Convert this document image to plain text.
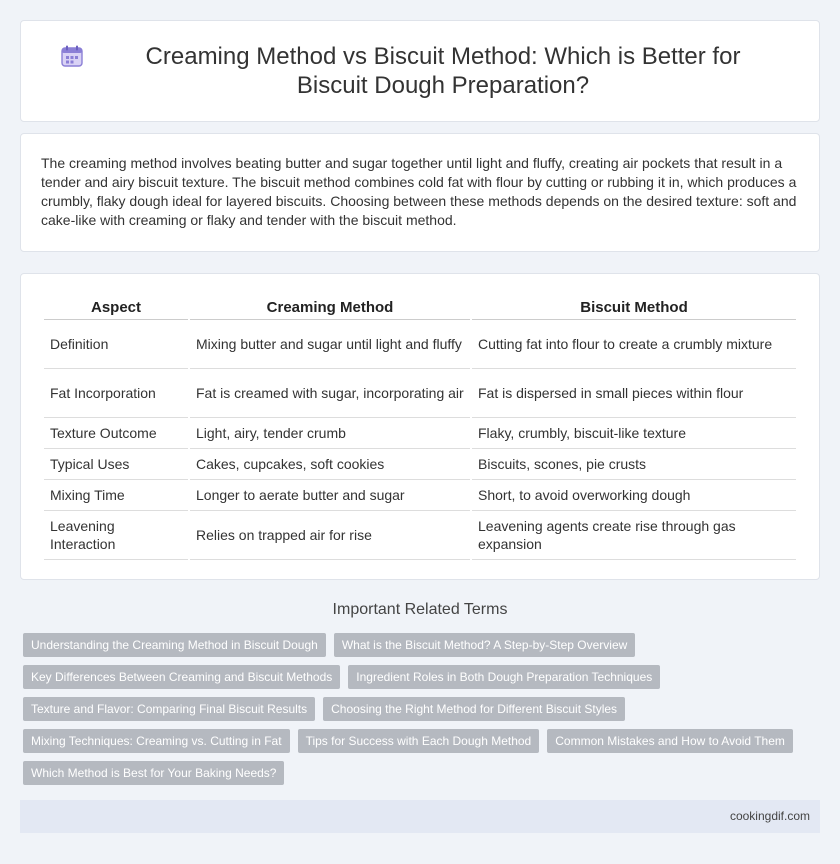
Creaming Method vs Biscuit Method: Which is Better for Biscuit Dough Preparation?

The creaming method involves beating butter and sugar together until light and fluffy, creating air pockets that result in a tender and airy biscuit texture. The biscuit method combines cold fat with flour by cutting or rubbing it in, which produces a crumbly, flaky dough ideal for layered biscuits. Choosing between these methods depends on the desired texture: soft and cake-like with creaming or flaky and tender with the biscuit method.

Aspect	Creaming Method	Biscuit Method
Definition	Mixing butter and sugar until light and fluffy	Cutting fat into flour to create a crumbly mixture
Fat Incorporation	Fat is creamed with sugar, incorporating air	Fat is dispersed in small pieces within flour
Texture Outcome	Light, airy, tender crumb	Flaky, crumbly, biscuit-like texture
Typical Uses	Cakes, cupcakes, soft cookies	Biscuits, scones, pie crusts
Mixing Time	Longer to aerate butter and sugar	Short, to avoid overworking dough
Leavening Interaction	Relies on trapped air for rise	Leavening agents create rise through gas expansion
Important Related Terms
Understanding the Creaming Method in Biscuit Dough	What is the Biscuit Method? A Step-by-Step Overview
Key Differences Between Creaming and Biscuit Methods	Ingredient Roles in Both Dough Preparation Techniques
Texture and Flavor: Comparing Final Biscuit Results	Choosing the Right Method for Different Biscuit Styles
Mixing Techniques: Creaming vs. Cutting in Fat	Tips for Success with Each Dough Method	Common Mistakes and How to Avoid Them
Which Method is Best for Your Baking Needs?
cookingdif.com
